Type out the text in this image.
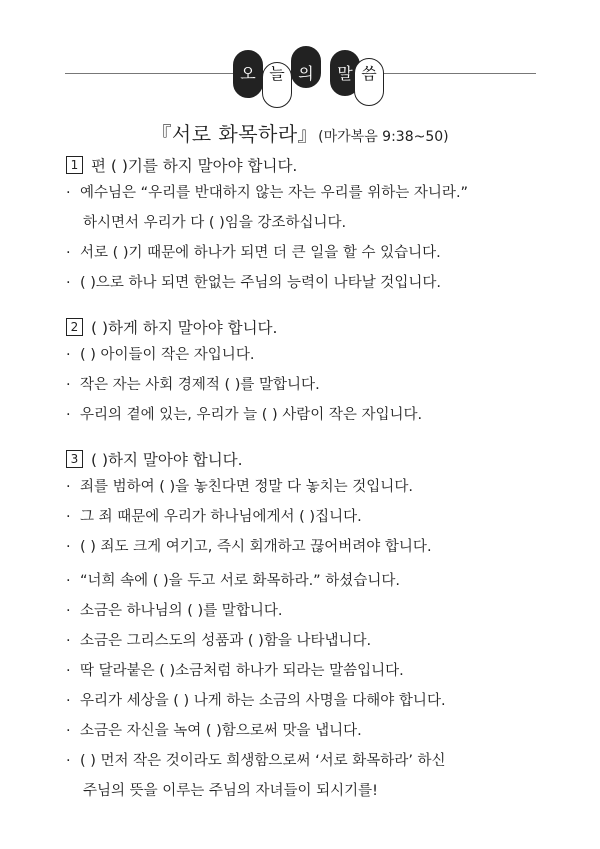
오 늘 의	말 씀
『서로 화목하라』(마가복음 9:38~50)
1 편 ( )기를 하지 말아야 합니다.
· 예수님은 “우리를 반대하지 않는 자는 우리를 위하는 자니라.”
하시면서 우리가 다 ( )임을 강조하십니다.
· 서로 ( )기 때문에 하나가 되면 더 큰 일을 할 수 있습니다.
· ( )으로 하나 되면 한없는 주님의 능력이 나타날 것입니다.
2 ( )하게 하지 말아야 합니다.
· ( ) 아이들이 작은 자입니다.
· 작은 자는 사회 경제적 ( )를 말합니다.
· 우리의 곁에 있는, 우리가 늘 ( ) 사람이 작은 자입니다.
3 ( )하지 말아야 합니다.
· 죄를 범하여 ( )을 놓친다면 정말 다 놓치는 것입니다.
· 그 죄 때문에 우리가 하나님에게서 ( )집니다.
· ( ) 죄도 크게 여기고, 즉시 회개하고 끊어버려야 합니다.
· “너희 속에 ( )을 두고 서로 화목하라.” 하셨습니다.
· 소금은 하나님의 ( )를 말합니다.
· 소금은 그리스도의 성품과 ( )함을 나타냅니다.
· 딱 달라붙은 ( )소금처럼 하나가 되라는 말씀입니다.
· 우리가 세상을 ( ) 나게 하는 소금의 사명을 다해야 합니다.
· 소금은 자신을 녹여 ( )함으로써 맛을 냅니다.
· ( ) 먼저 작은 것이라도 희생함으로써 ‘서로 화목하라’ 하신
주님의 뜻을 이루는 주님의 자녀들이 되시기를!
